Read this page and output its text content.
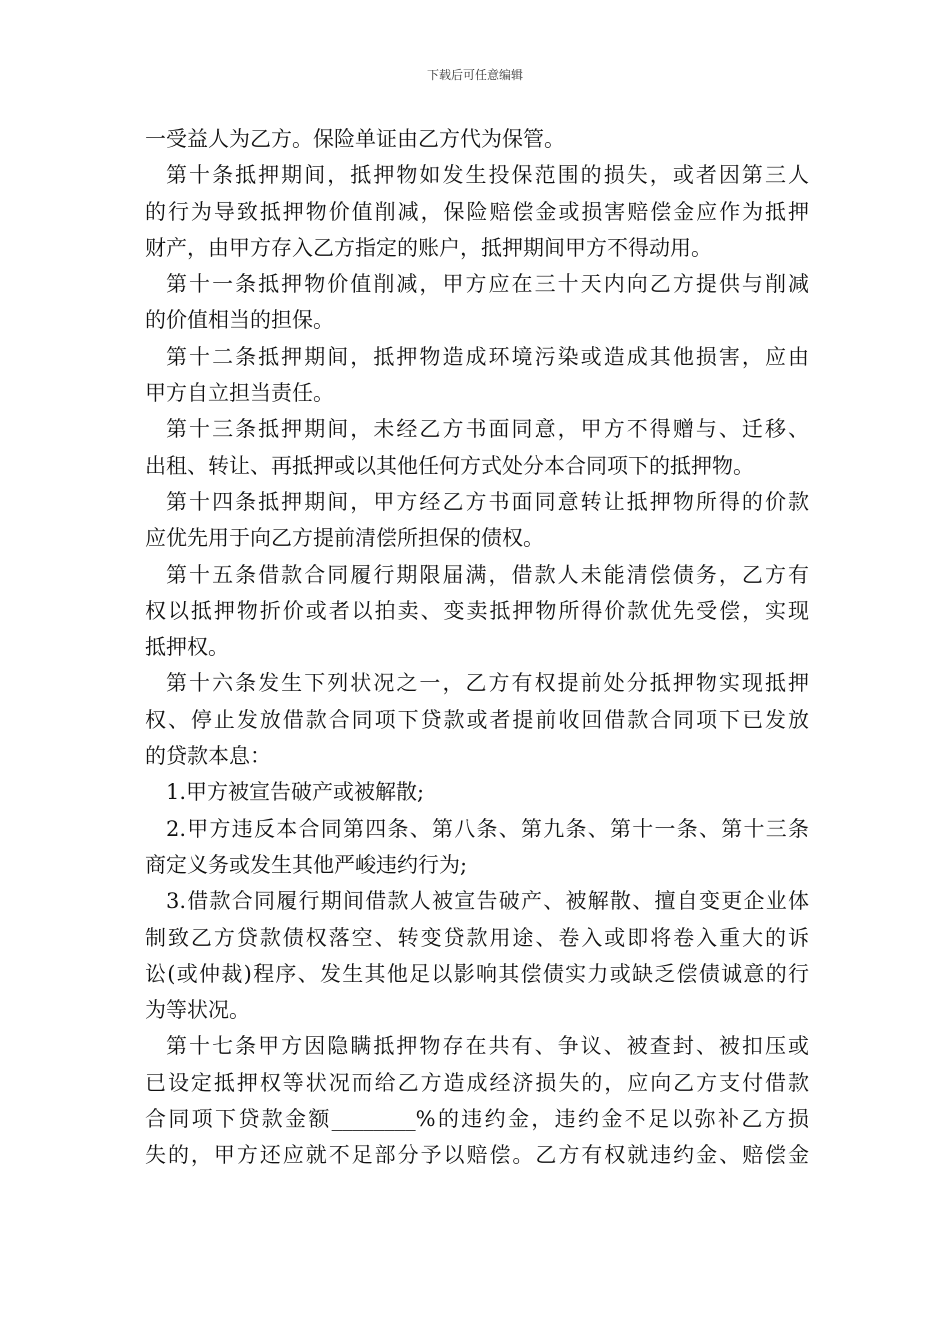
下载后可任意编辑
一受益人为乙方。保险单证由乙方代为保管。
第十条抵押期间，抵押物如发生投保范围的损失，或者因第三人
的行为导致抵押物价值削减，保险赔偿金或损害赔偿金应作为抵押
财产，由甲方存入乙方指定的账户，抵押期间甲方不得动用。
第十一条抵押物价值削减，甲方应在三十天内向乙方提供与削减
的价值相当的担保。
第十二条抵押期间，抵押物造成环境污染或造成其他损害，应由
甲方自立担当责任。
第十三条抵押期间，未经乙方书面同意，甲方不得赠与、迁移、
出租、转让、再抵押或以其他任何方式处分本合同项下的抵押物。
第十四条抵押期间，甲方经乙方书面同意转让抵押物所得的价款
应优先用于向乙方提前清偿所担保的债权。
第十五条借款合同履行期限届满，借款人未能清偿债务，乙方有
权以抵押物折价或者以拍卖、变卖抵押物所得价款优先受偿，实现
抵押权。
第十六条发生下列状况之一，乙方有权提前处分抵押物实现抵押
权、停止发放借款合同项下贷款或者提前收回借款合同项下已发放
的贷款本息：
1.甲方被宣告破产或被解散;
2.甲方违反本合同第四条、第八条、第九条、第十一条、第十三条
商定义务或发生其他严峻违约行为;
3.借款合同履行期间借款人被宣告破产、被解散、擅自变更企业体
制致乙方贷款债权落空、转变贷款用途、卷入或即将卷入重大的诉
讼(或仲裁)程序、发生其他足以影响其偿债实力或缺乏偿债诚意的行
为等状况。
第十七条甲方因隐瞒抵押物存在共有、争议、被查封、被扣压或
已设定抵押权等状况而给乙方造成经济损失的，应向乙方支付借款
合同项下贷款金额________%的违约金，违约金不足以弥补乙方损
失的，甲方还应就不足部分予以赔偿。乙方有权就违约金、赔偿金
